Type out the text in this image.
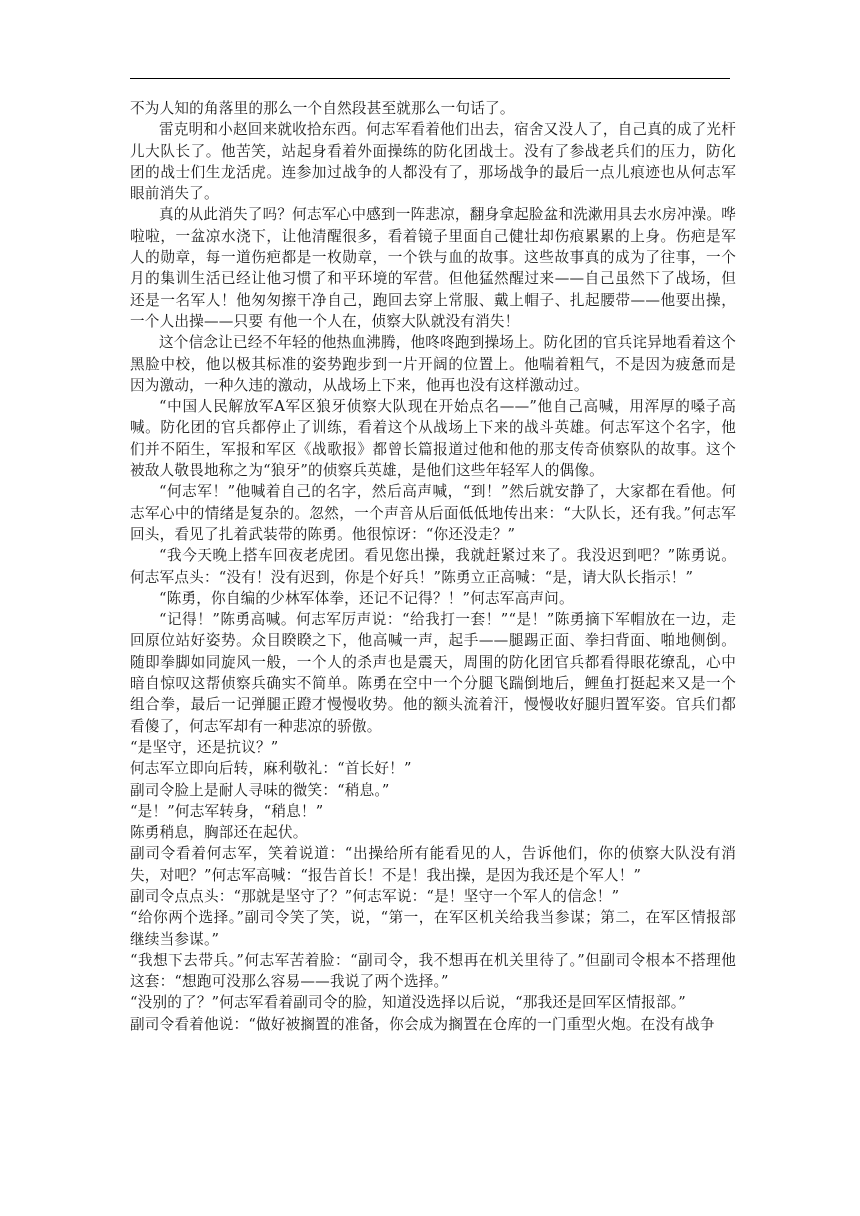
不为人知的角落里的那么一个自然段甚至就那么一句话了。

雷克明和小赵回来就收拾东西。何志军看着他们出去，宿舍又没人了，自己真的成了光杆儿大队长了。他苦笑，站起身看着外面操练的防化团战士。没有了参战老兵们的压力，防化团的战士们生龙活虎。连参加过战争的人都没有了，那场战争的最后一点儿痕迹也从何志军眼前消失了。

真的从此消失了吗？何志军心中感到一阵悲凉，翻身拿起脸盆和洗漱用具去水房冲澡。哗啦啦，一盆凉水浇下，让他清醒很多，看着镜子里面自己健壮却伤痕累累的上身。伤疤是军人的勋章，每一道伤疤都是一枚勋章，一个铁与血的故事。这些故事真的成为了往事，一个月的集训生活已经让他习惯了和平环境的军营。但他猛然醒过来——自己虽然下了战场，但还是一名军人！他匆匆擦干净自己，跑回去穿上常服、戴上帽子、扎起腰带——他要出操，一个人出操——只要 有他一个人在，侦察大队就没有消失！

这个信念让已经不年轻的他热血沸腾，他咚咚跑到操场上。防化团的官兵诧异地看着这个黑脸中校，他以极其标准的姿势跑步到一片开阔的位置上。他喘着粗气，不是因为疲惫而是因为激动，一种久违的激动，从战场上下来，他再也没有这样激动过。

“中国人民解放军A军区狼牙侦察大队现在开始点名——”他自己高喊，用浑厚的嗓子高喊。防化团的官兵都停止了训练，看着这个从战场上下来的战斗英雄。何志军这个名字，他们并不陌生，军报和军区《战歌报》都曾长篇报道过他和他的那支传奇侦察队的故事。这个被敌人敬畏地称之为“狼牙”的侦察兵英雄，是他们这些年轻军人的偶像。

“何志军！”他喊着自己的名字，然后高声喊，“到！”然后就安静了，大家都在看他。何志军心中的情绪是复杂的。忽然，一个声音从后面低低地传出来：“大队长，还有我。”何志军回头，看见了扎着武装带的陈勇。他很惊讶：“你还没走？”

“我今天晚上搭车回夜老虎团。看见您出操，我就赶紧过来了。我没迟到吧？”陈勇说。何志军点头：“没有！没有迟到，你是个好兵！”陈勇立正高喊：“是，请大队长指示！”

“陈勇，你自编的少林军体拳，还记不记得？！”何志军高声问。

“记得！”陈勇高喊。何志军厉声说：“给我打一套！”“是！”陈勇摘下军帽放在一边，走回原位站好姿势。众目睽睽之下，他高喊一声，起手——腿踢正面、拳扫背面、啪地侧倒。随即拳脚如同旋风一般，一个人的杀声也是震天，周围的防化团官兵都看得眼花缭乱，心中暗自惊叹这帮侦察兵确实不简单。陈勇在空中一个分腿飞踹倒地后，鲤鱼打挺起来又是一个组合拳，最后一记弹腿正蹬才慢慢收势。他的额头流着汗，慢慢收好腿归置军姿。官兵们都看傻了，何志军却有一种悲凉的骄傲。

“是坚守，还是抗议？”

何志军立即向后转，麻利敬礼：“首长好！”

副司令脸上是耐人寻味的微笑：“稍息。”

“是！”何志军转身，“稍息！”

陈勇稍息，胸部还在起伏。

副司令看着何志军，笑着说道：“出操给所有能看见的人，告诉他们，你的侦察大队没有消失，对吧？”何志军高喊：“报告首长！不是！我出操，是因为我还是个军人！”

副司令点点头：“那就是坚守了？”何志军说：“是！坚守一个军人的信念！”

“给你两个选择。”副司令笑了笑，说，“第一，在军区机关给我当参谋；第二，在军区情报部继续当参谋。”

“我想下去带兵。”何志军苦着脸：“副司令，我不想再在机关里待了。”但副司令根本不搭理他这套：“想跑可没那么容易——我说了两个选择。”

“没别的了？”何志军看着副司令的脸，知道没选择以后说，“那我还是回军区情报部。”

副司令看着他说：“做好被搁置的准备，你会成为搁置在仓库的一门重型火炮。在没有战争
